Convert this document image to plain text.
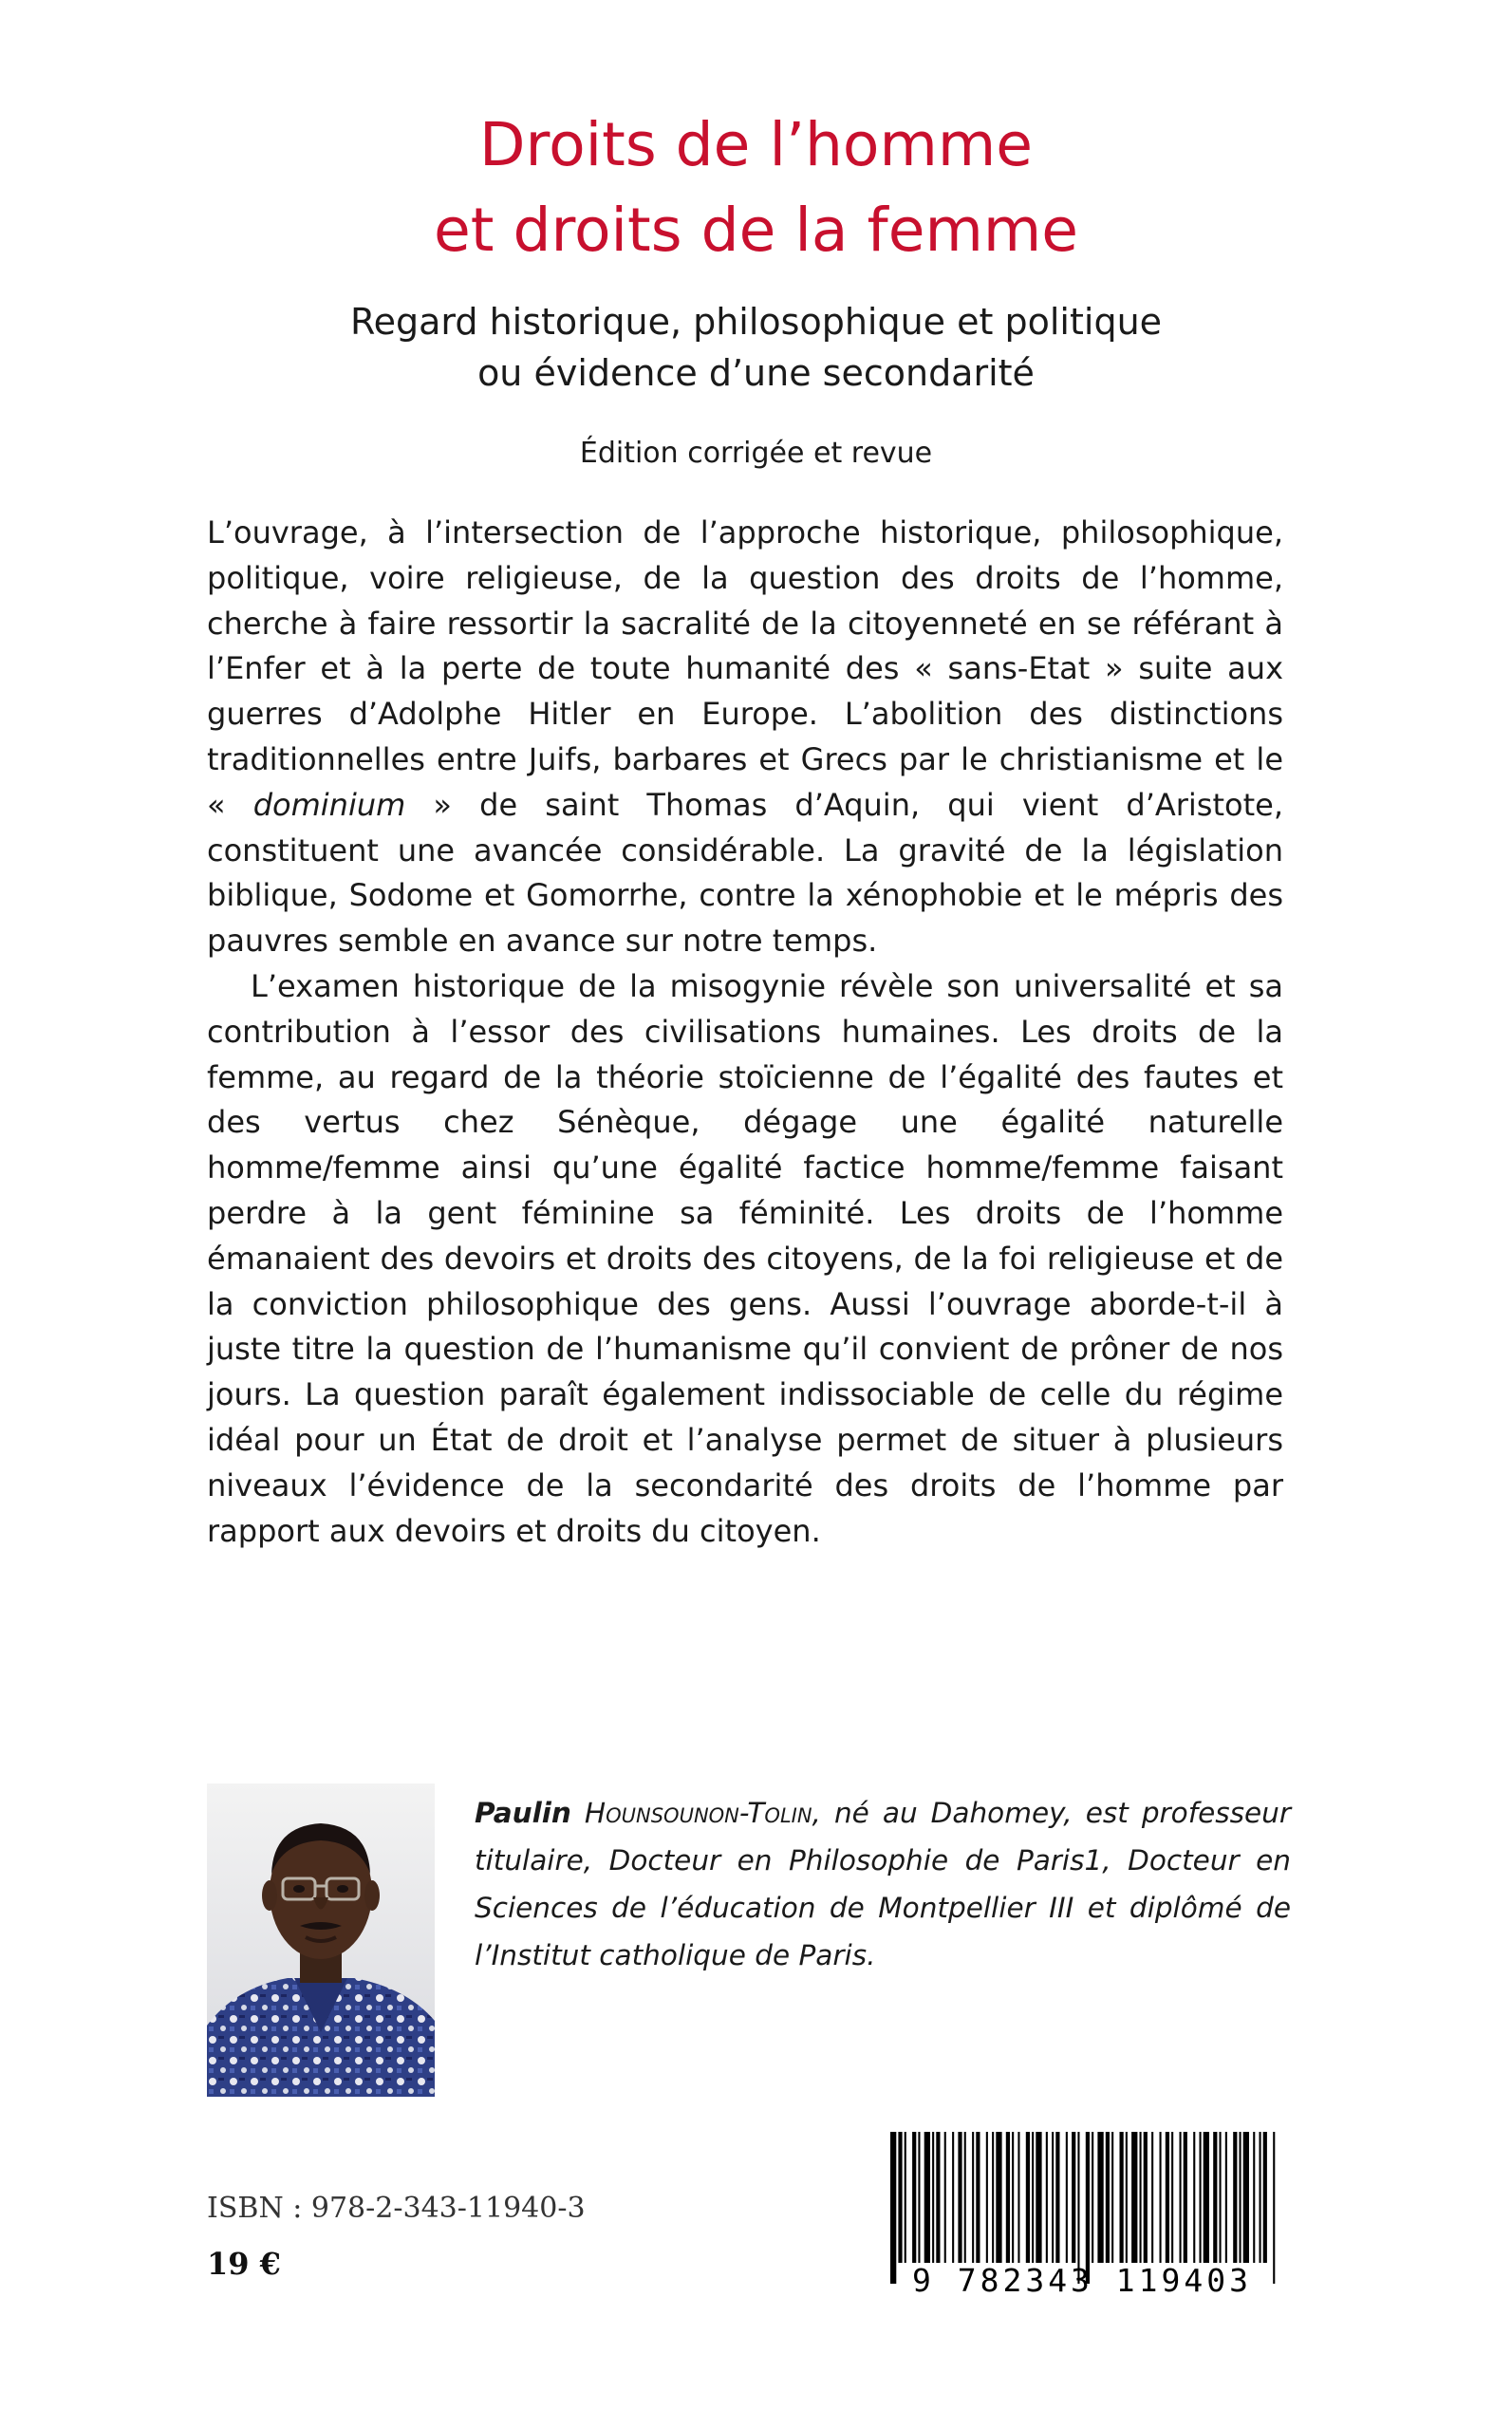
Droits de l’homme
et droits de la femme
Regard historique, philosophique et politique
ou évidence d’une secondarité
Édition corrigée et revue

L’ouvrage, à l’intersection de l’approche historique, philosophique, politique, voire religieuse, de la question des droits de l’homme, cherche à faire ressortir la sacralité de la citoyenneté en se référant à l’Enfer et à la perte de toute humanité des « sans-Etat » suite aux guerres d’Adolphe Hitler en Europe. L’abolition des distinctions traditionnelles entre Juifs, barbares et Grecs par le christianisme et le « dominium » de saint Thomas d’Aquin, qui vient d’Aristote, constituent une avancée considérable. La gravité de la législation biblique, Sodome et Gomorrhe, contre la xénophobie et le mépris des pauvres semble en avance sur notre temps.

L’examen historique de la misogynie révèle son universalité et sa contribution à l’essor des civilisations humaines. Les droits de la femme, au regard de la théorie stoïcienne de l’égalité des fautes et des vertus chez Sénèque, dégage une égalité naturelle homme/femme ainsi qu’une égalité factice homme/femme faisant perdre à la gent féminine sa féminité. Les droits de l’homme émanaient des devoirs et droits des citoyens, de la foi religieuse et de la conviction philosophique des gens. Aussi l’ouvrage aborde-t-il à juste titre la question de l’humanisme qu’il convient de prôner de nos jours. La question paraît également indissociable de celle du régime idéal pour un État de droit et l’analyse permet de situer à plusieurs niveaux l’évidence de la secondarité des droits de l’homme par rapport aux devoirs et droits du citoyen.

Paulin Hounsounon-Tolin, né au Dahomey, est professeur titulaire, Docteur en Philosophie de Paris1, Docteur en Sciences de l’éducation de Montpellier III et diplômé de l’Institut catholique de Paris.

ISBN : 978-2-343-11940-3
19 €	9 782343 119403
